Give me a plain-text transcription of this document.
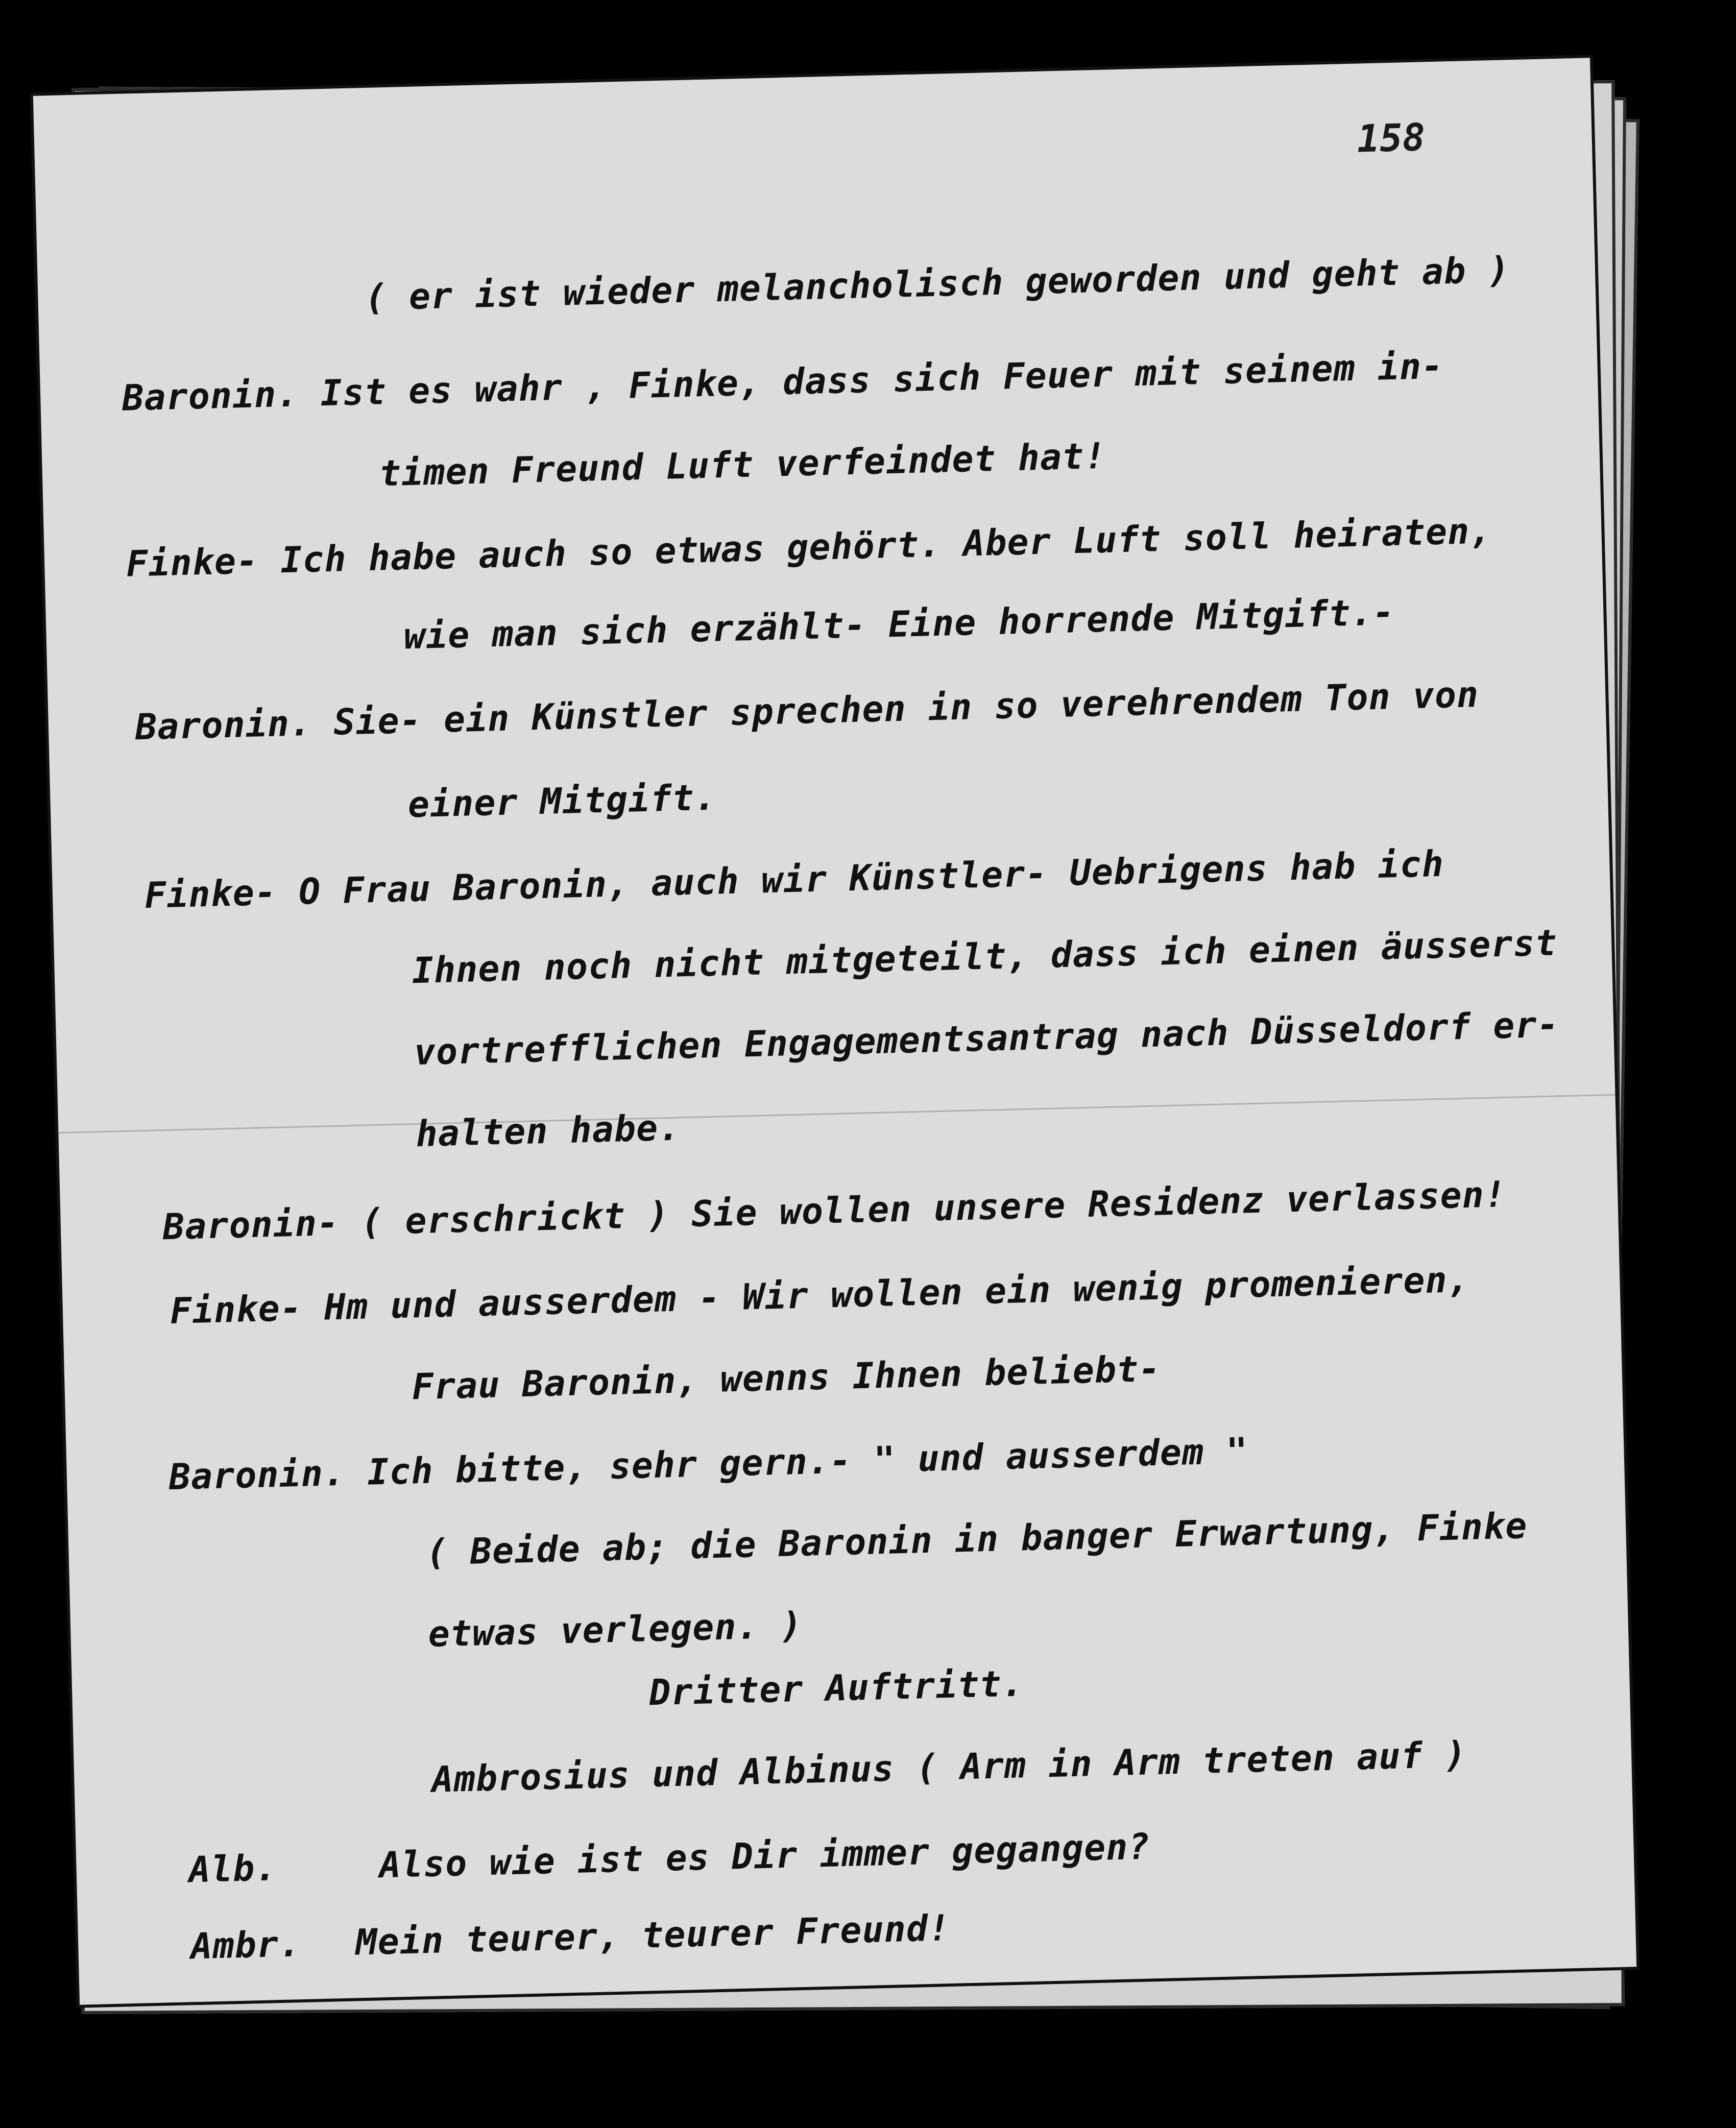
158
( er ist wieder melancholisch geworden und geht ab )
Baronin. Ist es wahr , Finke, dass sich Feuer mit seinem in-
timen Freund Luft verfeindet hat!
Finke- Ich habe auch so etwas gehört. Aber Luft soll heiraten,
wie man sich erzählt- Eine horrende Mitgift.-
Baronin. Sie- ein Künstler sprechen in so verehrendem Ton von
einer Mitgift.
Finke- O Frau Baronin, auch wir Künstler- Uebrigens hab ich
Ihnen noch nicht mitgeteilt, dass ich einen äusserst
vortrefflichen Engagementsantrag nach Düsseldorf er-
halten habe.
Baronin- ( erschrickt ) Sie wollen unsere Residenz verlassen!
Finke- Hm und ausserdem - Wir wollen ein wenig promenieren,
Frau Baronin, wenns Ihnen beliebt-
Baronin. Ich bitte, sehr gern.- " und ausserdem "
( Beide ab; die Baronin in banger Erwartung, Finke
etwas verlegen. )
Dritter Auftritt.
Ambrosius und Albinus ( Arm in Arm treten auf )
Alb.	Also wie ist es Dir immer gegangen?
Ambr. Mein teurer, teurer Freund!
